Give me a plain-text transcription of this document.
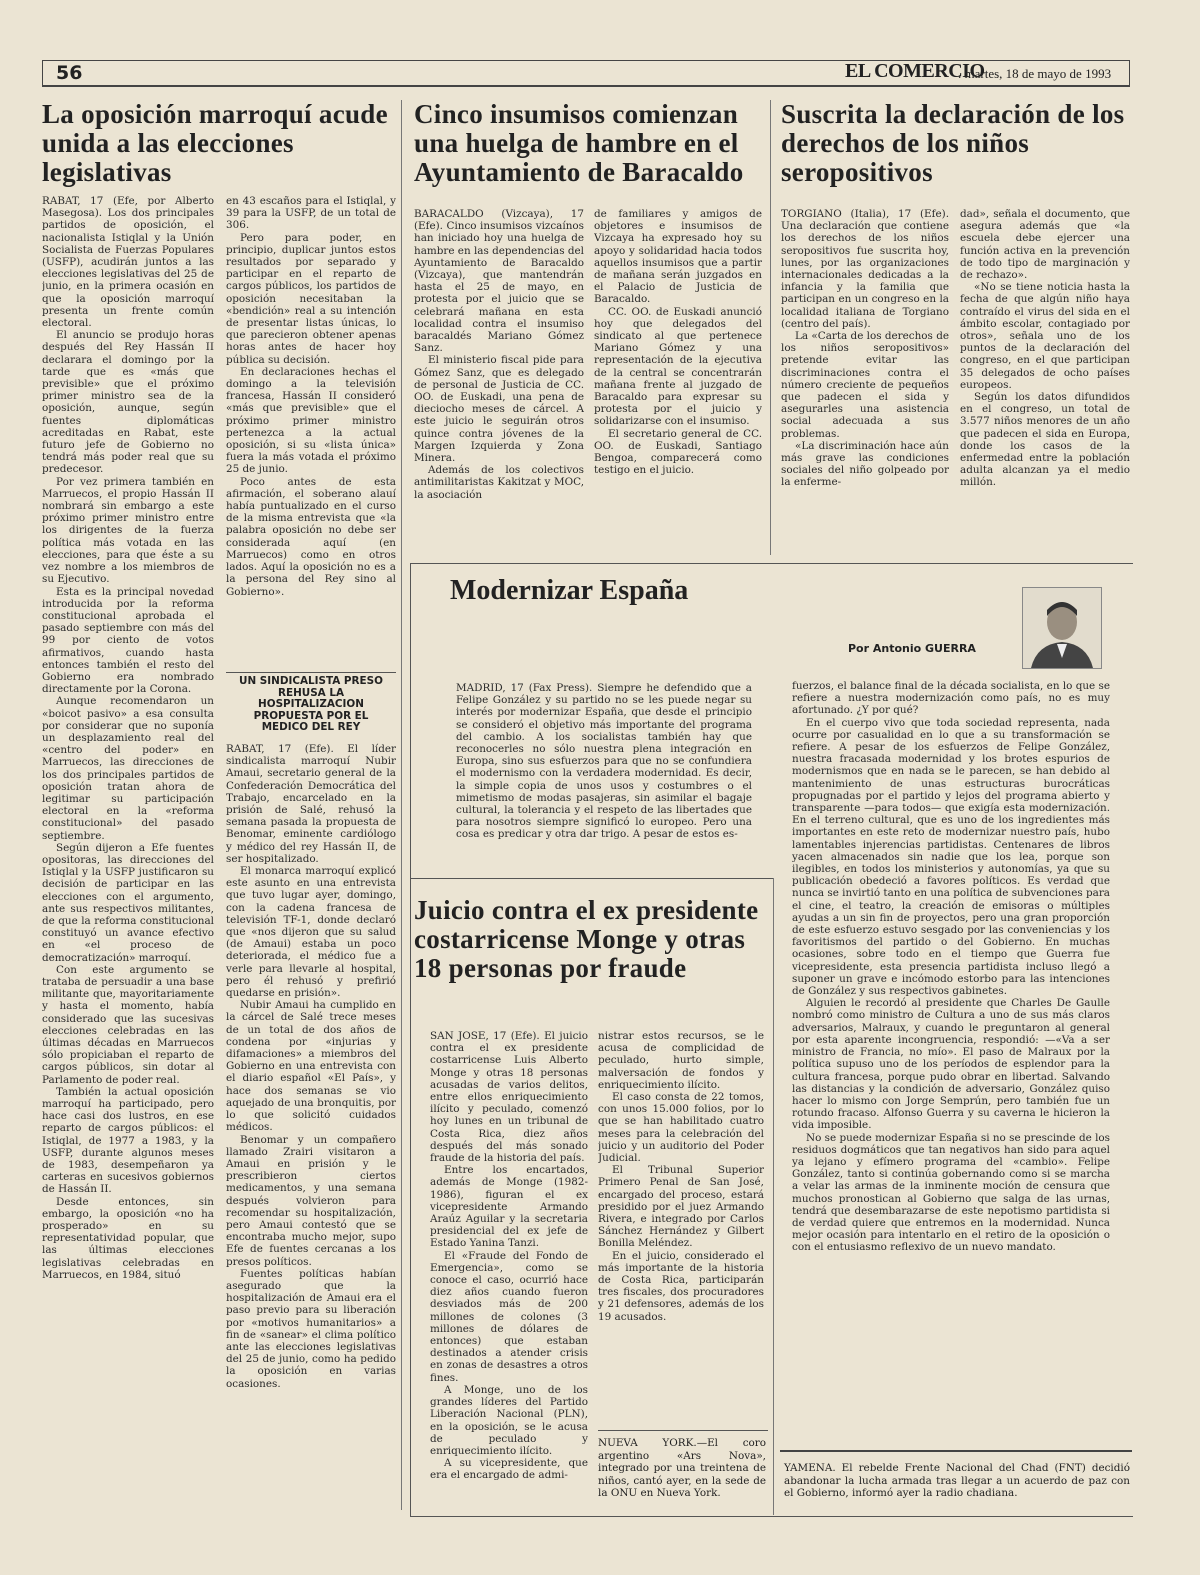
56	EL COMERCIO
. martes, 18 de mayo de 1993
La oposición marroquí acude unida a las elecciones legislativas

RABAT, 17 (Efe, por Alberto Masegosa). Los dos principales partidos de oposición, el nacionalista Istiqlal y la Unión Socialista de Fuerzas Populares (USFP), acudirán juntos a las elecciones legislativas del 25 de junio, en la primera ocasión en que la oposición marroquí presenta un frente común electoral.

El anuncio se produjo horas después del Rey Hassán II declarara el domingo por la tarde que es «más que previsible» que el próximo primer ministro sea de la oposición, aunque, según fuentes diplomáticas acreditadas en Rabat, este futuro jefe de Gobierno no tendrá más poder real que su predecesor.

Por vez primera también en Marruecos, el propio Hassán II nombrará sin embargo a este próximo primer ministro entre los dirigentes de la fuerza política más votada en las elecciones, para que éste a su vez nombre a los miembros de su Ejecutivo.

Esta es la principal novedad introducida por la reforma constitucional aprobada el pasado septiembre con más del 99 por ciento de votos afirmativos, cuando hasta entonces también el resto del Gobierno era nombrado directamente por la Corona.

Aunque recomendaron un «boicot pasivo» a esa consulta por considerar que no suponía un desplazamiento real del «centro del poder» en Marruecos, las direcciones de los dos principales partidos de oposición tratan ahora de legitimar su participación electoral en la «reforma constitucional» del pasado septiembre.

Según dijeron a Efe fuentes opositoras, las direcciones del Istiqlal y la USFP justificaron su decisión de participar en las elecciones con el argumento, ante sus respectivos militantes, de que la reforma constitucional constituyó un avance efectivo en «el proceso de democratización» marroquí.

Con este argumento se trataba de persuadir a una base militante que, mayoritariamente y hasta el momento, había considerado que las sucesivas elecciones celebradas en las últimas décadas en Marruecos sólo propiciaban el reparto de cargos públicos, sin dotar al Parlamento de poder real.

También la actual oposición marroquí ha participado, pero hace casi dos lustros, en ese reparto de cargos públicos: el Istiqlal, de 1977 a 1983, y la USFP, durante algunos meses de 1983, desempeñaron ya carteras en sucesivos gobiernos de Hassán II.

Desde entonces, sin embargo, la oposición «no ha prosperado» en su representatividad popular, que las últimas elecciones legislativas celebradas en Marruecos, en 1984, situó

en 43 escaños para el Istiqlal, y 39 para la USFP, de un total de 306.

Pero para poder, en principio, duplicar juntos estos resultados por separado y participar en el reparto de cargos públicos, los partidos de oposición necesitaban la «bendición» real a su intención de presentar listas únicas, lo que parecieron obtener apenas horas antes de hacer hoy pública su decisión.

En declaraciones hechas el domingo a la televisión francesa, Hassán II consideró «más que previsible» que el próximo primer ministro pertenezca a la actual oposición, si su «lista única» fuera la más votada el próximo 25 de junio.

Poco antes de esta afirmación, el soberano alauí había puntualizado en el curso de la misma entrevista que «la palabra oposición no debe ser considerada aquí (en Marruecos) como en otros lados. Aquí la oposición no es a la persona del Rey sino al Gobierno».

UN SINDICALISTA PRESO REHUSA LA HOSPITALIZACION PROPUESTA POR EL MEDICO DEL REY

RABAT, 17 (Efe). El líder sindicalista marroquí Nubir Amaui, secretario general de la Confederación Democrática del Trabajo, encarcelado en la prisión de Salé, rehusó la semana pasada la propuesta de Benomar, eminente cardiólogo y médico del rey Hassán II, de ser hospitalizado.

El monarca marroquí explicó este asunto en una entrevista que tuvo lugar ayer, domingo, con la cadena francesa de televisión TF-1, donde declaró que «nos dijeron que su salud (de Amaui) estaba un poco deteriorada, el médico fue a verle para llevarle al hospital, pero él rehusó y prefirió quedarse en prisión».

Nubir Amaui ha cumplido en la cárcel de Salé trece meses de un total de dos años de condena por «injurias y difamaciones» a miembros del Gobierno en una entrevista con el diario español «El País», y hace dos semanas se vio aquejado de una bronquitis, por lo que solicitó cuidados médicos.

Benomar y un compañero llamado Zrairi visitaron a Amaui en prisión y le prescribieron ciertos medicamentos, y una semana después volvieron para recomendar su hospitalización, pero Amaui contestó que se encontraba mucho mejor, supo Efe de fuentes cercanas a los presos políticos.

Fuentes políticas habían asegurado que la hospitalización de Amaui era el paso previo para su liberación por «motivos humanitarios» a fin de «sanear» el clima político ante las elecciones legislativas del 25 de junio, como ha pedido la oposición en varias ocasiones.

Cinco insumisos comienzan una huelga de hambre en el Ayuntamiento de Baracaldo

BARACALDO (Vizcaya), 17 (Efe). Cinco insumisos vizcaínos han iniciado hoy una huelga de hambre en las dependencias del Ayuntamiento de Baracaldo (Vizcaya), que mantendrán hasta el 25 de mayo, en protesta por el juicio que se celebrará mañana en esta localidad contra el insumiso baracaldés Mariano Gómez Sanz.

El ministerio fiscal pide para Gómez Sanz, que es delegado de personal de Justicia de CC. OO. de Euskadi, una pena de dieciocho meses de cárcel. A este juicio le seguirán otros quince contra jóvenes de la Margen Izquierda y Zona Minera.

Además de los colectivos antimilitaristas Kakitzat y MOC, la asociación

de familiares y amigos de objetores e insumisos de Vizcaya ha expresado hoy su apoyo y solidaridad hacia todos aquellos insumisos que a partir de mañana serán juzgados en el Palacio de Justicia de Baracaldo.

CC. OO. de Euskadi anunció hoy que delegados del sindicato al que pertenece Mariano Gómez y una representación de la ejecutiva de la central se concentrarán mañana frente al juzgado de Baracaldo para expresar su protesta por el juicio y solidarizarse con el insumiso.

El secretario general de CC. OO. de Euskadi, Santiago Bengoa, comparecerá como testigo en el juicio.

Suscrita la declaración de los derechos de los niños seropositivos

TORGIANO (Italia), 17 (Efe). Una declaración que contiene los derechos de los niños seropositivos fue suscrita hoy, lunes, por las organizaciones internacionales dedicadas a la infancia y la familia que participan en un congreso en la localidad italiana de Torgiano (centro del país).

La «Carta de los derechos de los niños seropositivos» pretende evitar las discriminaciones contra el número creciente de pequeños que padecen el sida y asegurarles una asistencia social adecuada a sus problemas.

«La discriminación hace aún más grave las condiciones sociales del niño golpeado por la enferme-

dad», señala el documento, que asegura además que «la escuela debe ejercer una función activa en la prevención de todo tipo de marginación y de rechazo».

«No se tiene noticia hasta la fecha de que algún niño haya contraído el virus del sida en el ámbito escolar, contagiado por otros», señala uno de los puntos de la declaración del congreso, en el que participan 35 delegados de ocho países europeos.

Según los datos difundidos en el congreso, un total de 3.577 niños menores de un año que padecen el sida en Europa, donde los casos de la enfermedad entre la población adulta alcanzan ya el medio millón.

Modernizar España
Por Antonio GUERRA

MADRID, 17 (Fax Press). Siempre he defendido que a Felipe González y su partido no se les puede negar su interés por modernizar España, que desde el principio se consideró el objetivo más importante del programa del cambio. A los socialistas también hay que reconocerles no sólo nuestra plena integración en Europa, sino sus esfuerzos para que no se confundiera el modernismo con la verdadera modernidad. Es decir, la simple copia de unos usos y costumbres o el mimetismo de modas pasajeras, sin asimilar el bagaje cultural, la tolerancia y el respeto de las libertades que para nosotros siempre significó lo europeo. Pero una cosa es predicar y otra dar trigo. A pesar de estos es-

fuerzos, el balance final de la década socialista, en lo que se refiere a nuestra modernización como país, no es muy afortunado. ¿Y por qué?

En el cuerpo vivo que toda sociedad representa, nada ocurre por casualidad en lo que a su transformación se refiere. A pesar de los esfuerzos de Felipe González, nuestra fracasada modernidad y los brotes espurios de modernismos que en nada se le parecen, se han debido al mantenimiento de unas estructuras burocráticas propugnadas por el partido y lejos del programa abierto y transparente —para todos— que exigía esta modernización. En el terreno cultural, que es uno de los ingredientes más importantes en este reto de modernizar nuestro país, hubo lamentables injerencias partidistas. Centenares de libros yacen almacenados sin nadie que los lea, porque son ilegibles, en todos los ministerios y autonomías, ya que su publicación obedeció a favores políticos. Es verdad que nunca se invirtió tanto en una política de subvenciones para el cine, el teatro, la creación de emisoras o múltiples ayudas a un sin fin de proyectos, pero una gran proporción de este esfuerzo estuvo sesgado por las conveniencias y los favoritismos del partido o del Gobierno. En muchas ocasiones, sobre todo en el tiempo que Guerra fue vicepresidente, esta presencia partidista incluso llegó a suponer un grave e incómodo estorbo para las intenciones de González y sus respectivos gabinetes.

Alguien le recordó al presidente que Charles De Gaulle nombró como ministro de Cultura a uno de sus más claros adversarios, Malraux, y cuando le preguntaron al general por esta aparente incongruencia, respondió: —«Va a ser ministro de Francia, no mío». El paso de Malraux por la política supuso uno de los períodos de esplendor para la cultura francesa, porque pudo obrar en libertad. Salvando las distancias y la condición de adversario, González quiso hacer lo mismo con Jorge Semprún, pero también fue un rotundo fracaso. Alfonso Guerra y su caverna le hicieron la vida imposible.

No se puede modernizar España si no se prescinde de los residuos dogmáticos que tan negativos han sido para aquel ya lejano y efímero programa del «cambio». Felipe González, tanto si continúa gobernando como si se marcha a velar las armas de la inminente moción de censura que muchos pronostican al Gobierno que salga de las urnas, tendrá que desembarazarse de este nepotismo partidista si de verdad quiere que entremos en la modernidad. Nunca mejor ocasión para intentarlo en el retiro de la oposición o con el entusiasmo reflexivo de un nuevo mandato.

Juicio contra el ex presidente costarricense Monge y otras 18 personas por fraude

SAN JOSE, 17 (Efe). El juicio contra el ex presidente costarricense Luis Alberto Monge y otras 18 personas acusadas de varios delitos, entre ellos enriquecimiento ilícito y peculado, comenzó hoy lunes en un tribunal de Costa Rica, diez años después del más sonado fraude de la historia del país.

Entre los encartados, además de Monge (1982-1986), figuran el ex vicepresidente Armando Araúz Aguilar y la secretaria presidencial del ex jefe de Estado Yanina Tanzi.

El «Fraude del Fondo de Emergencia», como se conoce el caso, ocurrió hace diez años cuando fueron desviados más de 200 millones de colones (3 millones de dólares de entonces) que estaban destinados a atender crisis en zonas de desastres a otros fines.

A Monge, uno de los grandes líderes del Partido Liberación Nacional (PLN), en la oposición, se le acusa de peculado y enriquecimiento ilícito.

A su vicepresidente, que era el encargado de admi-

nistrar estos recursos, se le acusa de complicidad de peculado, hurto simple, malversación de fondos y enriquecimiento ilícito.

El caso consta de 22 tomos, con unos 15.000 folios, por lo que se han habilitado cuatro meses para la celebración del juicio y un auditorio del Poder Judicial.

El Tribunal Superior Primero Penal de San José, encargado del proceso, estará presidido por el juez Armando Rivera, e integrado por Carlos Sánchez Hernández y Gilbert Bonilla Meléndez.

En el juicio, considerado el más importante de la historia de Costa Rica, participarán tres fiscales, dos procuradores y 21 defensores, además de los 19 acusados.

NUEVA YORK.—El coro argentino «Ars Nova», integrado por una treintena de niños, cantó ayer, en la sede de la ONU en Nueva York.
YAMENA. El rebelde Frente Nacional del Chad (FNT) decidió abandonar la lucha armada tras llegar a un acuerdo de paz con el Gobierno, informó ayer la radio chadiana.
